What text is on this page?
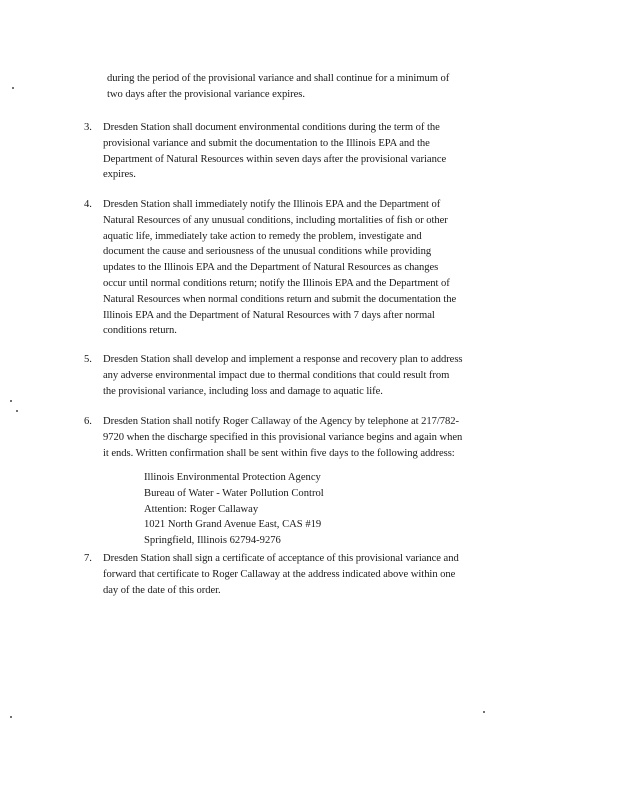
during the period of the provisional variance and shall continue for a minimum of
two days after the provisional variance expires.
3. Dresden Station shall document environmental conditions during the term of the
provisional variance and submit the documentation to the Illinois EPA and the
Department of Natural Resources within seven days after the provisional variance
expires.
4. Dresden Station shall immediately notify the Illinois EPA and the Department of
Natural Resources of any unusual conditions, including mortalities of fish or other
aquatic life, immediately take action to remedy the problem, investigate and
document the cause and seriousness of the unusual conditions while providing
updates to the Illinois EPA and the Department of Natural Resources as changes
occur until normal conditions return; notify the Illinois EPA and the Department of
Natural Resources when normal conditions return and submit the documentation the
Illinois EPA and the Department of Natural Resources with 7 days after normal
conditions return.
5. Dresden Station shall develop and implement a response and recovery plan to address
any adverse environmental impact due to thermal conditions that could result from
the provisional variance, including loss and damage to aquatic life.
6. Dresden Station shall notify Roger Callaway of the Agency by telephone at 217/782-
9720 when the discharge specified in this provisional variance begins and again when
it ends. Written confirmation shall be sent within five days to the following address:
Illinois Environmental Protection Agency
Bureau of Water - Water Pollution Control
Attention: Roger Callaway
1021 North Grand Avenue East, CAS #19
Springfield, Illinois 62794-9276
7. Dresden Station shall sign a certificate of acceptance of this provisional variance and
forward that certificate to Roger Callaway at the address indicated above within one
day of the date of this order.
